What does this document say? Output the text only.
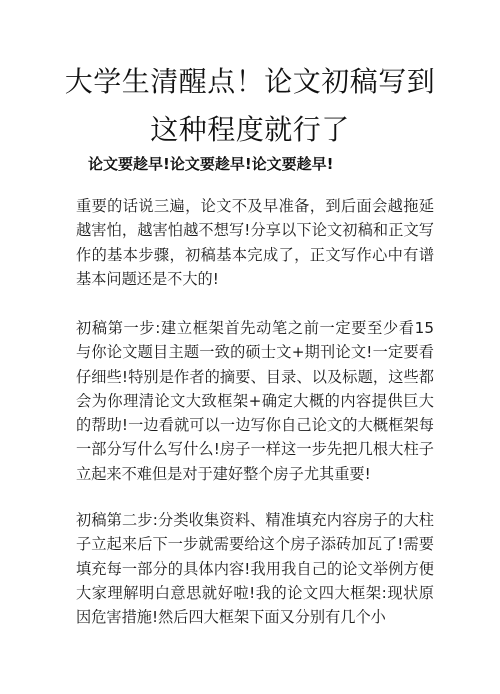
大学生清醒点！论文初稿写到这种程度就行了

论文要趁早!论文要趁早!论文要趁早!

重要的话说三遍，论文不及早准备，到后面会越拖延越害怕，越害怕越不想写!分享以下论文初稿和正文写作的基本步骤，初稿基本完成了，正文写作心中有谱基本问题还是不大的!

初稿第一步:建立框架首先动笔之前一定要至少看15与你论文题目主题一致的硕士文+期刊论文!一定要看仔细些!特别是作者的摘要、目录、以及标题，这些都会为你理清论文大致框架+确定大概的内容提供巨大的帮助!一边看就可以一边写你自己论文的大概框架每一部分写什么写什么!房子一样这一步先把几根大柱子立起来不难但是对于建好整个房子尤其重要!

初稿第二步:分类收集资料、精准填充内容房子的大柱子立起来后下一步就需要给这个房子添砖加瓦了!需要填充每一部分的具体内容!我用我自己的论文举例方便大家理解明白意思就好啦!我的论文四大框架:现状原因危害措施!然后四大框架下面又分别有几个小
